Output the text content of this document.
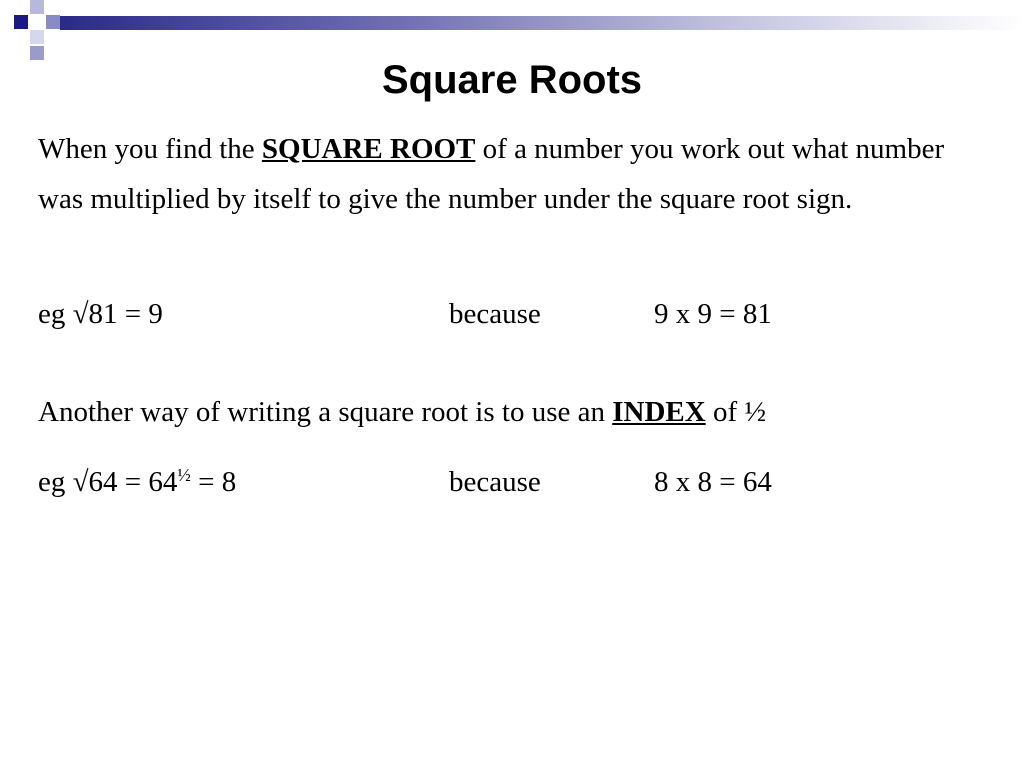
Square Roots
When you find the SQUARE ROOT of a number you work out what number was multiplied by itself to give the number under the square root sign.
eg √81 = 9	because	9 x 9 = 81
Another way of writing a square root is to use an INDEX of ½
eg $√64 = 64^{\frac{1}{2}} = 8$	because	8 x 8 = 64
